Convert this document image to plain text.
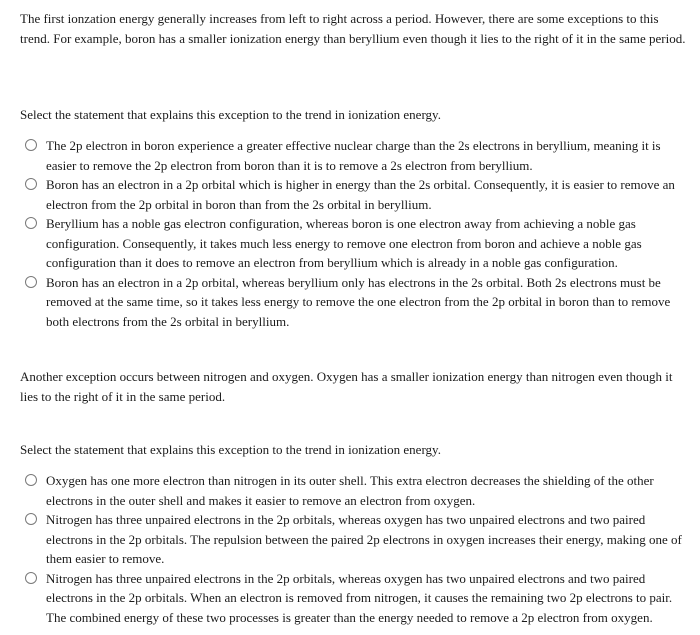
The first ionzation energy generally increases from left to right across a period. However, there are some exceptions to this trend. For example, boron has a smaller ionization energy than beryllium even though it lies to the right of it in the same period.

Select the statement that explains this exception to the trend in ionization energy.

The 2p electron in boron experience a greater effective nuclear charge than the 2s electrons in beryllium, meaning it is easier to remove the 2p electron from boron than it is to remove a 2s electron from beryllium.
Boron has an electron in a 2p orbital which is higher in energy than the 2s orbital. Consequently, it is easier to remove an electron from the 2p orbital in boron than from the 2s orbital in beryllium.
Beryllium has a noble gas electron configuration, whereas boron is one electron away from achieving a noble gas configuration. Consequently, it takes much less energy to remove one electron from boron and achieve a noble gas configuration than it does to remove an electron from beryllium which is already in a noble gas configuration.
Boron has an electron in a 2p orbital, whereas beryllium only has electrons in the 2s orbital. Both 2s electrons must be removed at the same time, so it takes less energy to remove the one electron from the 2p orbital in boron than to remove both electrons from the 2s orbital in beryllium.

Another exception occurs between nitrogen and oxygen. Oxygen has a smaller ionization energy than nitrogen even though it lies to the right of it in the same period.

Select the statement that explains this exception to the trend in ionization energy.

Oxygen has one more electron than nitrogen in its outer shell. This extra electron decreases the shielding of the other electrons in the outer shell and makes it easier to remove an electron from oxygen.
Nitrogen has three unpaired electrons in the 2p orbitals, whereas oxygen has two unpaired electrons and two paired electrons in the 2p orbitals. The repulsion between the paired 2p electrons in oxygen increases their energy, making one of them easier to remove.
Nitrogen has three unpaired electrons in the 2p orbitals, whereas oxygen has two unpaired electrons and two paired electrons in the 2p orbitals. When an electron is removed from nitrogen, it causes the remaining two 2p electrons to pair. The combined energy of these two processes is greater than the energy needed to remove a 2p electron from oxygen.
